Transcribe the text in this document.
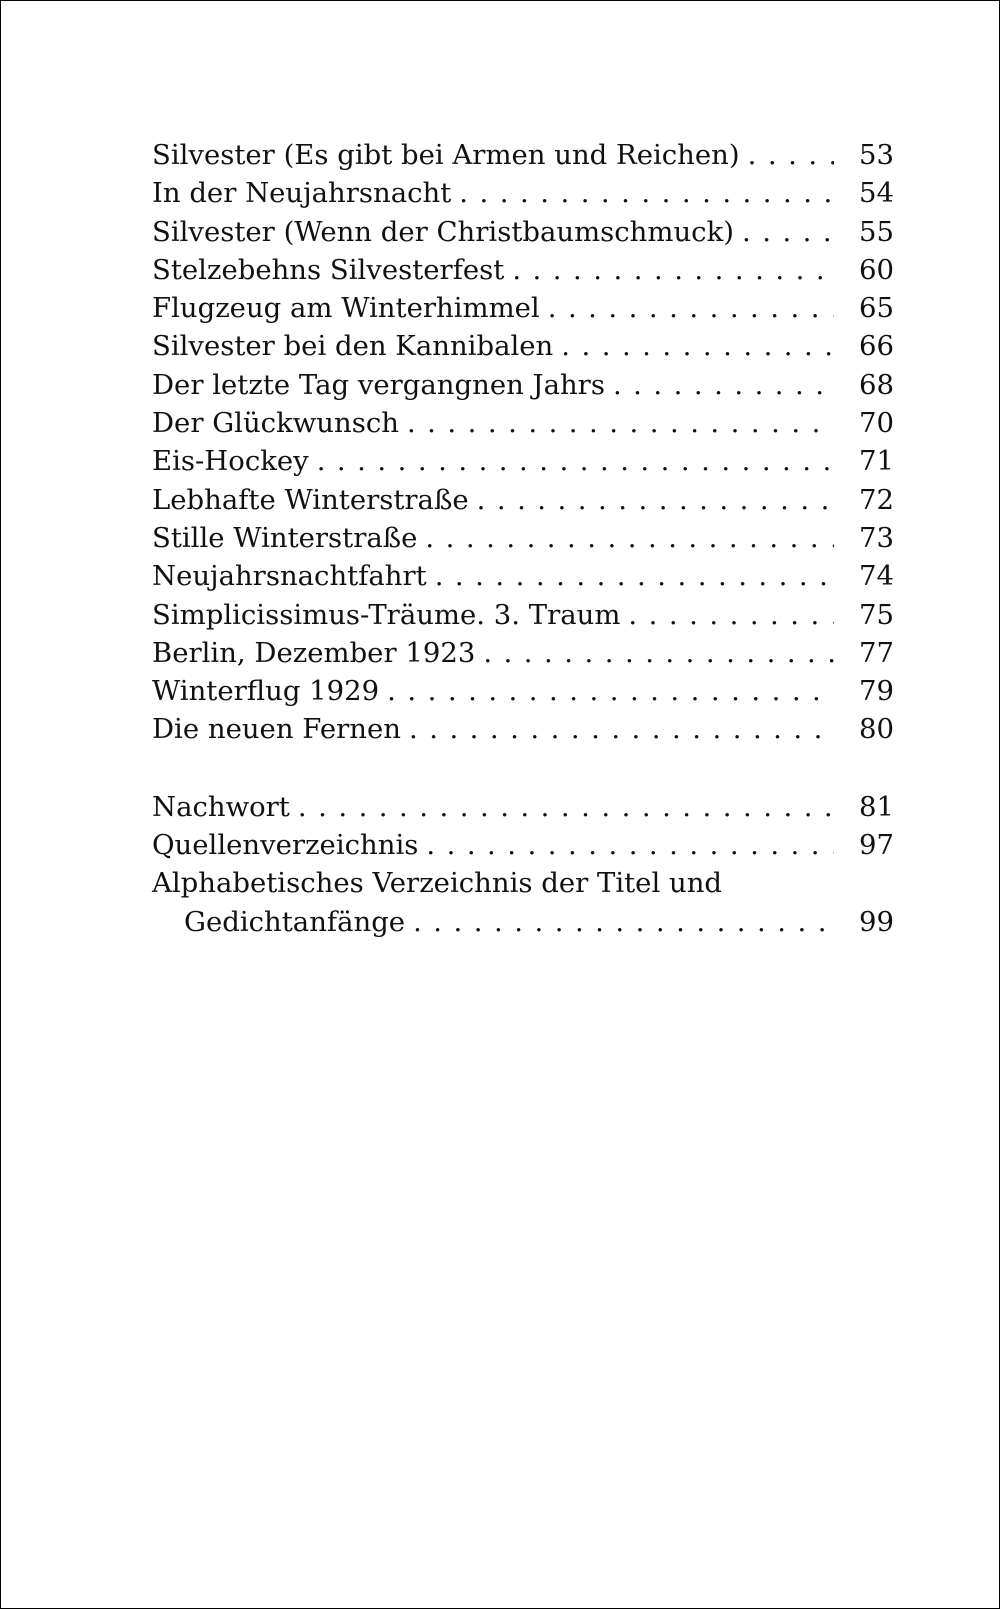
Silvester (Es gibt bei Armen und Reichen) . . .	53
In der Neujahrsnacht . . .	54
Silvester (Wenn der Christbaumschmuck) . . .	55
Stelzebehns Silvesterfest . . .	60
Flugzeug am Winterhimmel . . .	65
Silvester bei den Kannibalen . . .	66
Der letzte Tag vergangnen Jahrs . . .	68
Der Glückwunsch . . .	70
Eis-Hockey . . .	71
Lebhafte Winterstraße . . .	72
Stille Winterstraße . . .	73
Neujahrsnachtfahrt . . .	74
Simplicissimus-Träume. 3. Traum . . .	75
Berlin, Dezember 1923 . . .	77
Winterflug 1929 . . .	79
Die neuen Fernen . . .	80
Nachwort . . .	81
Quellenverzeichnis . . .	97
Alphabetisches Verzeichnis der Titel und
Gedichtanfänge . . .	99
